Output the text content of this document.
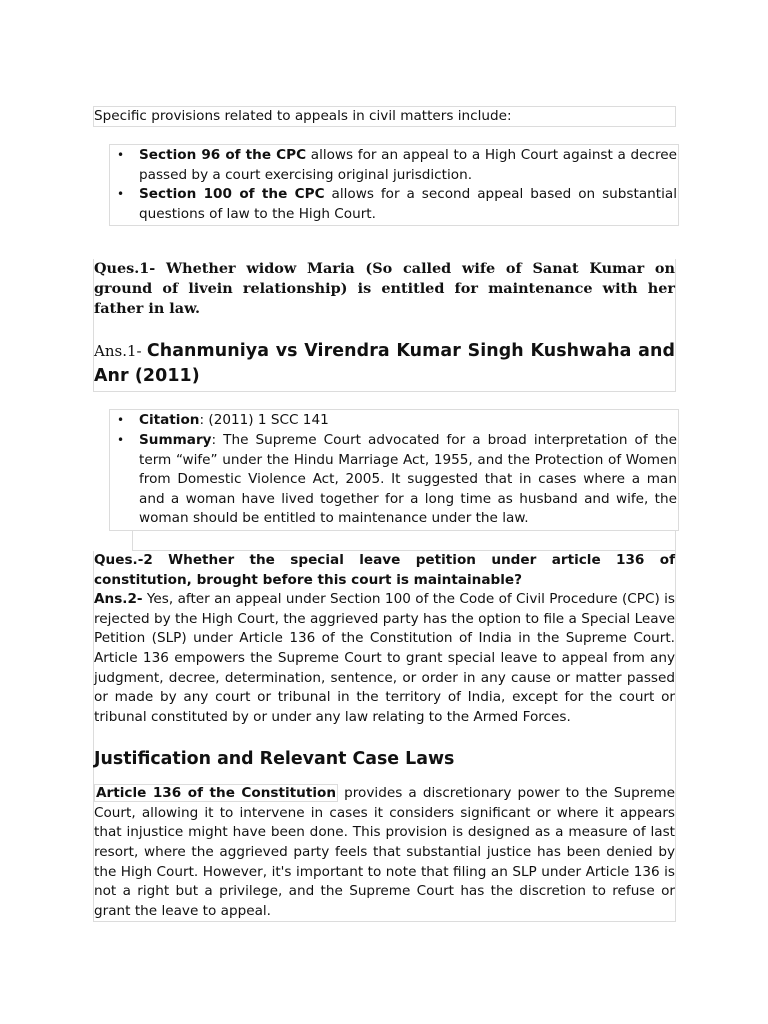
Specific provisions related to appeals in civil matters include:
• Section 96 of the CPC allows for an appeal to a High Court against a decree passed by a court exercising original jurisdiction.
• Section 100 of the CPC allows for a second appeal based on substantial questions of law to the High Court.
Ques.1- Whether widow Maria (So called wife of Sanat Kumar on ground of livein relationship) is entitled for maintenance with her father in law.
Ans.1- Chanmuniya vs Virendra Kumar Singh Kushwaha and Anr (2011)
• Citation: (2011) 1 SCC 141
• Summary: The Supreme Court advocated for a broad interpretation of the term “wife” under the Hindu Marriage Act, 1955, and the Protection of Women from Domestic Violence Act, 2005. It suggested that in cases where a man and a woman have lived together for a long time as husband and wife, the woman should be entitled to maintenance under the law.
Ques.-2 Whether the special leave petition under article 136 of constitution, brought before this court is maintainable?
Ans.2- Yes, after an appeal under Section 100 of the Code of Civil Procedure (CPC) is rejected by the High Court, the aggrieved party has the option to file a Special Leave Petition (SLP) under Article 136 of the Constitution of India in the Supreme Court. Article 136 empowers the Supreme Court to grant special leave to appeal from any judgment, decree, determination, sentence, or order in any cause or matter passed or made by any court or tribunal in the territory of India, except for the court or tribunal constituted by or under any law relating to the Armed Forces.
Justification and Relevant Case Laws
Article 136 of the Constitution provides a discretionary power to the Supreme Court, allowing it to intervene in cases it considers significant or where it appears that injustice might have been done. This provision is designed as a measure of last resort, where the aggrieved party feels that substantial justice has been denied by the High Court. However, it's important to note that filing an SLP under Article 136 is not a right but a privilege, and the Supreme Court has the discretion to refuse or grant the leave to appeal.
